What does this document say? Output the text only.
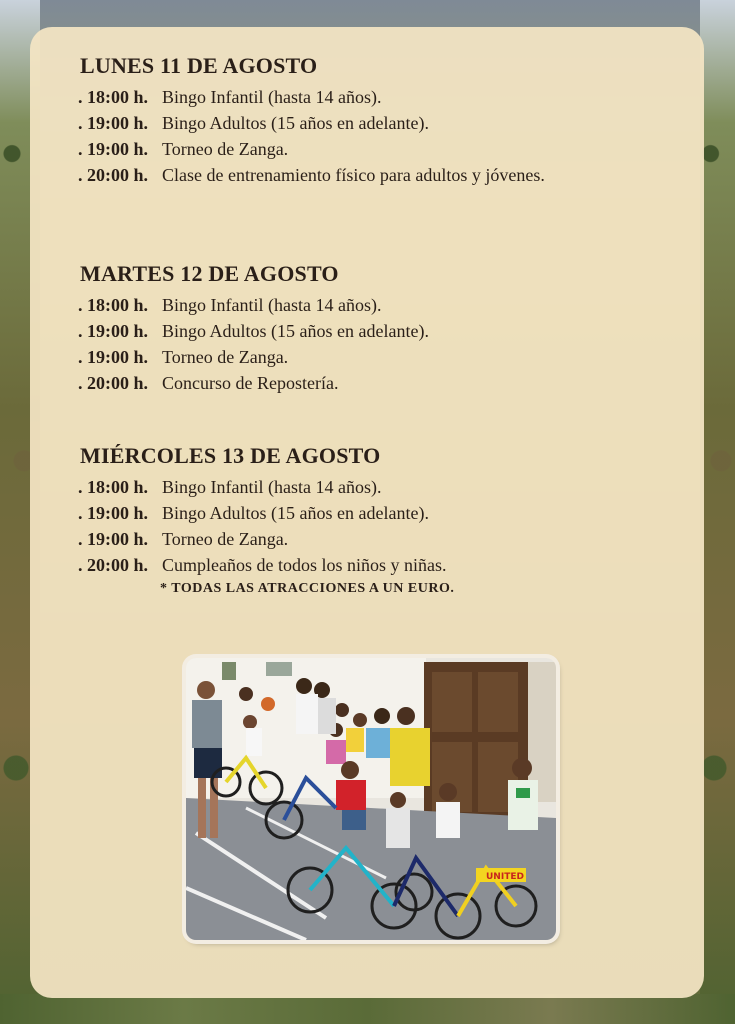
LUNES 11 DE AGOSTO
. 18:00 h. Bingo Infantil (hasta 14 años).
. 19:00 h. Bingo Adultos (15 años en adelante).
. 19:00 h. Torneo de Zanga.
. 20:00 h. Clase de entrenamiento físico para adultos y jóvenes.
MARTES 12 DE AGOSTO
. 18:00 h. Bingo Infantil (hasta 14 años).
. 19:00 h. Bingo Adultos (15 años en adelante).
. 19:00 h. Torneo de Zanga.
. 20:00 h. Concurso de Repostería.
MIÉRCOLES 13 DE AGOSTO
. 18:00 h. Bingo Infantil (hasta 14 años).
. 19:00 h. Bingo Adultos (15 años en adelante).
. 19:00 h. Torneo de Zanga.
. 20:00 h. Cumpleaños de todos los niños y niñas.
* TODAS LAS ATRACCIONES A UN EURO.
UNITED
